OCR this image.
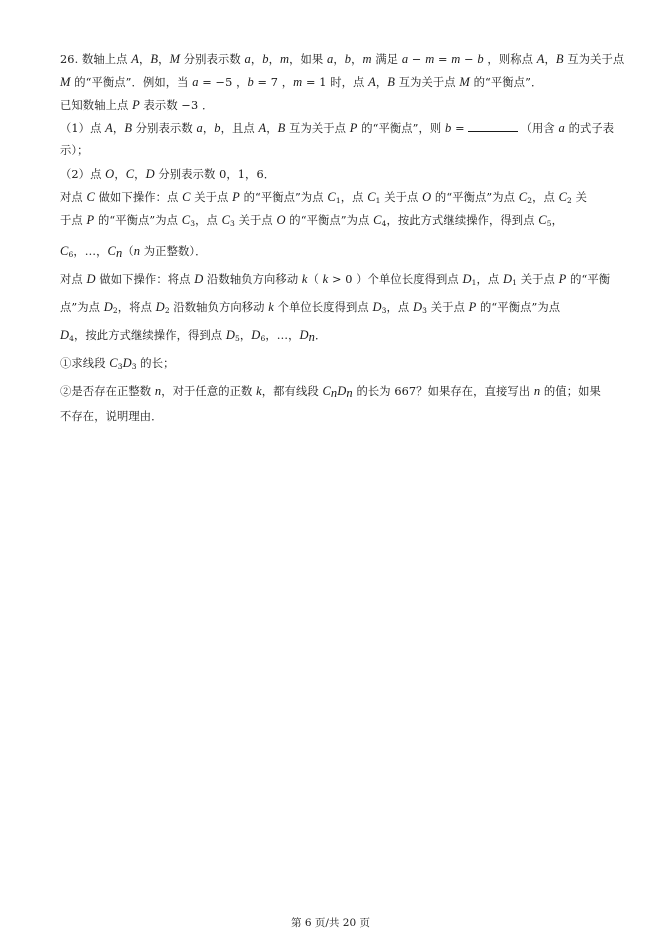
26. 数轴上点 A，B，M 分别表示数 a，b，m，如果 a，b，m 满足 a − m = m − b ，则称点 A，B 互为关于点
M 的“平衡点”．例如，当 a = −5 ，b = 7 ，m = 1 时，点 A，B 互为关于点 M 的“平衡点”．
已知数轴上点 P 表示数 −3 ．
（1）点 A，B 分别表示数 a，b，且点 A，B 互为关于点 P 的“平衡点”，则 b =	（用含 a 的式子表
示）；
（2）点 O，C，D 分别表示数 0，1，6．
对点 C 做如下操作：点 C 关于点 P 的“平衡点”为点 $C_1$，点 $C_1$ 关于点 O 的“平衡点”为点 $C_2$，点 $C_2$ 关
于点 P 的“平衡点”为点 $C_3$，点 $C_3$ 关于点 O 的“平衡点”为点 $C_4$，按此方式继续操作，得到点 $C_5$，
$C_6$，…，$C_n(n$ 为正整数）．
对点 D 做如下操作：将点 D 沿数轴负方向移动 k（ k > 0 ）个单位长度得到点 $D_1$，点 $D_1$ 关于点 P 的“平衡
点”为点 $D_2$，将点 $D_2$ 沿数轴负方向移动 k 个单位长度得到点 $D_3$，点 $D_3$ 关于点 P 的“平衡点”为点
$D_4$，按此方式继续操作，得到点 $D_5$，$D_6$，…，$D_n$．
①求线段 $C_3D_3$ 的长；
②是否存在正整数 n，对于任意的正数 k，都有线段 $C_nD_n$ 的长为 667？如果存在，直接写出 n 的值；如果
不存在，说明理由．
第 6 页/共 20 页
